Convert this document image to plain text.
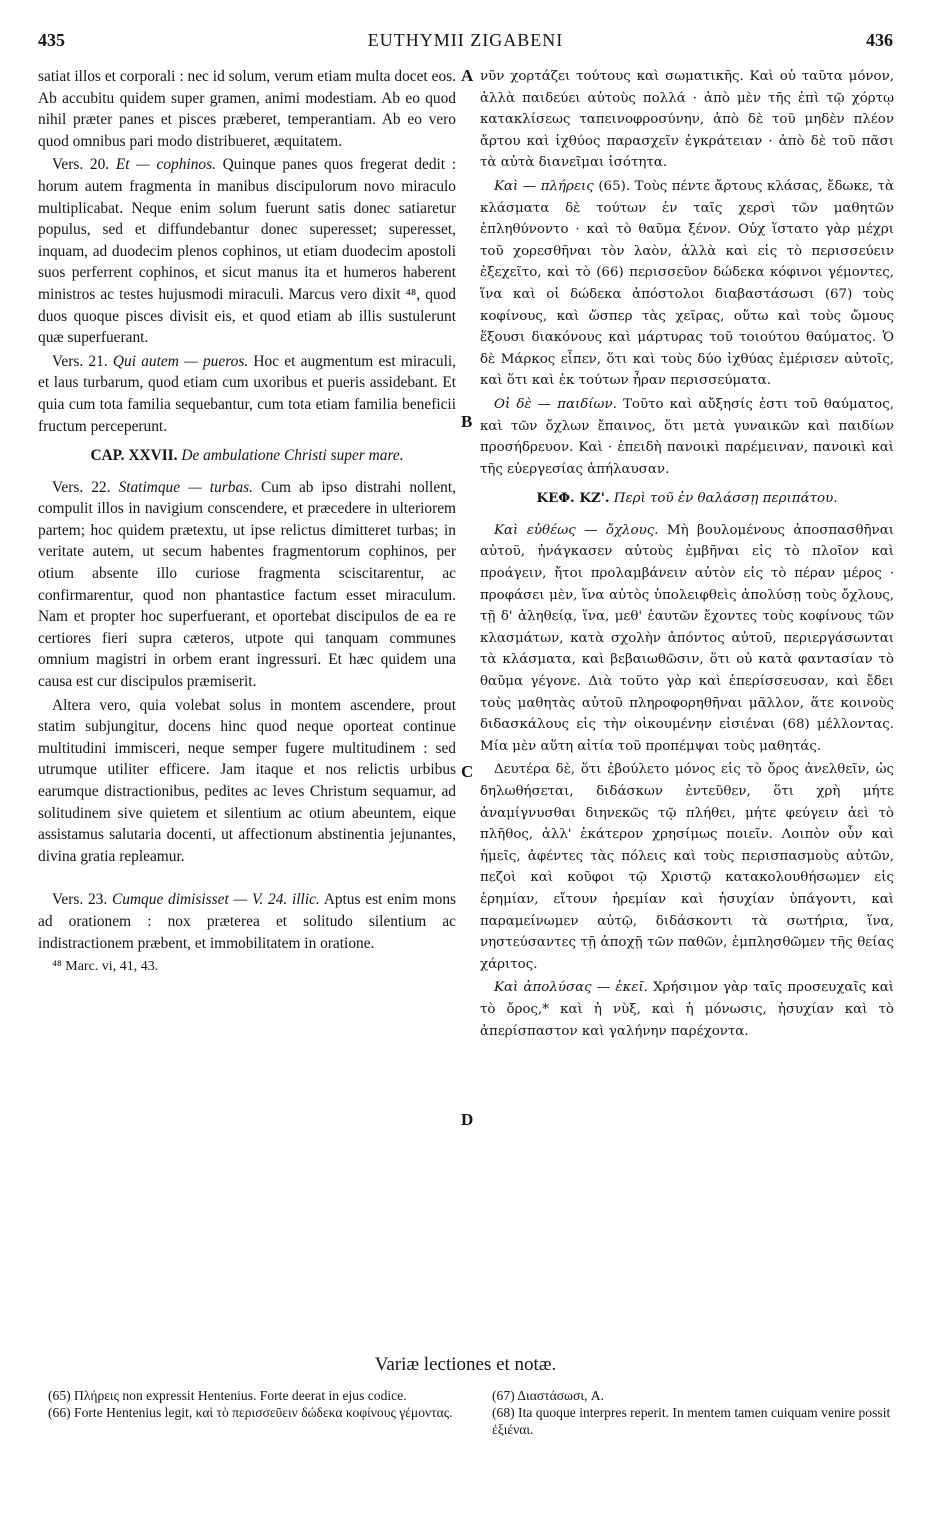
435	EUTHYMII ZIGABENI	436
A
B
C
D

satiat illos et corporali : nec id solum, verum etiam multa docet eos. Ab accubitu quidem super gramen, animi modestiam. Ab eo quod nihil præter panes et pisces præberet, temperantiam. Ab eo vero quod omnibus pari modo distribueret, æquitatem.

Vers. 20. Et — cophinos. Quinque panes quos fregerat dedit : horum autem fragmenta in manibus discipulorum novo miraculo multiplicabat. Neque enim solum fuerunt satis donec satiaretur populus, sed et diffundebantur donec superesset; superesset, inquam, ad duodecim plenos cophinos, ut etiam duodecim apostoli suos perferrent cophinos, et sicut manus ita et humeros haberent ministros ac testes hujusmodi miraculi. Marcus vero dixit ⁴⁸, quod duos quoque pisces divisit eis, et quod etiam ab illis sustulerunt quæ superfuerant.

Vers. 21. Qui autem — pueros. Hoc et augmentum est miraculi, et laus turbarum, quod etiam cum uxoribus et pueris assidebant. Et quia cum tota familia sequebantur, cum tota etiam familia beneficii fructum perceperunt.

CAP. XXVII. De ambulatione Christi super mare.

Vers. 22. Statimque — turbas. Cum ab ipso distrahi nollent, compulit illos in navigium conscendere, et præcedere in ulteriorem partem; hoc quidem prætextu, ut ipse relictus dimitteret turbas; in veritate autem, ut secum habentes fragmentorum cophinos, per otium absente illo curiose fragmenta sciscitarentur, ac confirmarentur, quod non phantastice factum esset miraculum. Nam et propter hoc superfuerant, et oportebat discipulos de ea re certiores fieri supra cæteros, utpote qui tanquam communes omnium magistri in orbem erant ingressuri. Et hæc quidem una causa est cur discipulos præmiserit.

Altera vero, quia volebat solus in montem ascendere, prout statim subjungitur, docens hinc quod neque oporteat continue multitudini immisceri, neque semper fugere multitudinem : sed utrumque utiliter efficere. Jam itaque et nos relictis urbibus earumque distractionibus, pedites ac leves Christum sequamur, ad solitudinem sive quietem et silentium ac otium abeuntem, eique assistamus salutaria docenti, ut affectionum abstinentia jejunantes, divina gratia repleamur.

Vers. 23. Cumque dimisisset — V. 24. illic. Aptus est enim mons ad orationem : nox præterea et solitudo silentium ac indistractionem præbent, et immobilitatem in oratione.

⁴⁸ Marc. vi, 41, 43.

νῦν χορτάζει τούτους καὶ σωματικῆς. Καὶ οὐ ταῦτα μόνον, ἀλλὰ παιδεύει αὐτοὺς πολλά · ἀπὸ μὲν τῆς ἐπὶ τῷ χόρτῳ κατακλίσεως ταπεινοφροσύνην, ἀπὸ δὲ τοῦ μηδὲν πλέον ἄρτου καὶ ἰχθύος παρασχεῖν ἐγκράτειαν · ἀπὸ δὲ τοῦ πᾶσι τὰ αὐτὰ διανεῖμαι ἰσότητα.

Καὶ — πλήρεις (65). Τοὺς πέντε ἄρτους κλάσας, ἔδωκε, τὰ κλάσματα δὲ τούτων ἐν ταῖς χερσὶ τῶν μαθητῶν ἐπληθύνοντο · καὶ τὸ θαῦμα ξένον. Οὐχ ἵστατο γὰρ μέχρι τοῦ χορεσθῆναι τὸν λαὸν, ἀλλὰ καὶ εἰς τὸ περισσεύειν ἐξεχεῖτο, καὶ τὸ (66) περισσεῦον δώδεκα κόφινοι γέμοντες, ἵνα καὶ οἱ δώδεκα ἀπόστολοι διαβαστάσωσι (67) τοὺς κοφίνους, καὶ ὥσπερ τὰς χεῖρας, οὕτω καὶ τοὺς ὤμους ἕξουσι διακόνους καὶ μάρτυρας τοῦ τοιούτου θαύματος. Ὁ δὲ Μάρκος εἶπεν, ὅτι καὶ τοὺς δύο ἰχθύας ἐμέρισεν αὐτοῖς, καὶ ὅτι καὶ ἐκ τούτων ἦραν περισσεύματα.

Οἱ δὲ — παιδίων. Τοῦτο καὶ αὔξησίς ἐστι τοῦ θαύματος, καὶ τῶν ὄχλων ἔπαινος, ὅτι μετὰ γυναικῶν καὶ παιδίων προσήδρευον. Καὶ · ἐπειδὴ πανοικὶ παρέμειναν, πανοικὶ καὶ τῆς εὐεργεσίας ἀπήλαυσαν.

ΚΕΦ. ΚΖ'. Περὶ τοῦ ἐν θαλάσσῃ περιπάτου.

Καὶ εὐθέως — ὄχλους. Μὴ βουλομένους ἀποσπασθῆναι αὐτοῦ, ἠνάγκασεν αὐτοὺς ἐμβῆναι εἰς τὸ πλοῖον καὶ προάγειν, ἤτοι προλαμβάνειν αὐτὸν εἰς τὸ πέραν μέρος · προφάσει μὲν, ἵνα αὐτὸς ὑπολειφθεὶς ἀπολύσῃ τοὺς ὄχλους, τῇ δ' ἀληθείᾳ, ἵνα, μεθ' ἑαυτῶν ἔχοντες τοὺς κοφίνους τῶν κλασμάτων, κατὰ σχολὴν ἀπόντος αὐτοῦ, περιεργάσωνται τὰ κλάσματα, καὶ βεβαιωθῶσιν, ὅτι οὐ κατὰ φαντασίαν τὸ θαῦμα γέγονε. Διὰ τοῦτο γὰρ καὶ ἐπερίσσευσαν, καὶ ἔδει τοὺς μαθητὰς αὐτοῦ πληροφορηθῆναι μᾶλλον, ἅτε κοινοὺς διδασκάλους εἰς τὴν οἰκουμένην εἰσιέναι (68) μέλλοντας. Μία μὲν αὕτη αἰτία τοῦ προπέμψαι τοὺς μαθητάς.

Δευτέρα δὲ, ὅτι ἐβούλετο μόνος εἰς τὸ ὄρος ἀνελθεῖν, ὡς δηλωθήσεται, διδάσκων ἐντεῦθεν, ὅτι χρὴ μήτε ἀναμίγνυσθαι διηνεκῶς τῷ πλήθει, μήτε φεύγειν ἀεὶ τὸ πλῆθος, ἀλλ' ἑκάτερον χρησίμως ποιεῖν. Λοιπὸν οὖν καὶ ἡμεῖς, ἀφέντες τὰς πόλεις καὶ τοὺς περισπασμοὺς αὐτῶν, πεζοὶ καὶ κοῦφοι τῷ Χριστῷ κατακολουθήσωμεν εἰς ἐρημίαν, εἴτουν ἠρεμίαν καὶ ἡσυχίαν ὑπάγοντι, καὶ παραμείνωμεν αὐτῷ, διδάσκοντι τὰ σωτήρια, ἵνα, νηστεύσαντες τῇ ἀποχῇ τῶν παθῶν, ἐμπλησθῶμεν τῆς θείας χάριτος.

Καὶ ἀπολύσας — ἐκεῖ. Χρήσιμον γὰρ ταῖς προσευχαῖς καὶ τὸ ὄρος,* καὶ ἡ νὺξ, καὶ ἡ μόνωσις, ἡσυχίαν καὶ τὸ ἀπερίσπαστον καὶ γαλήνην παρέχοντα.

Variæ lectiones et notæ.
(65) Πλήρεις non expressit Hentenius. Forte deerat in ejus codice.
(66) Forte Hentenius legit, καὶ τὸ περισσεῦειν δώδεκα κοφίνους γέμοντας.
(67) Διαστάσωσι, A.
(68) Ita quoque interpres reperit. In mentem tamen cuiquam venire possit ἐξιέναι.
